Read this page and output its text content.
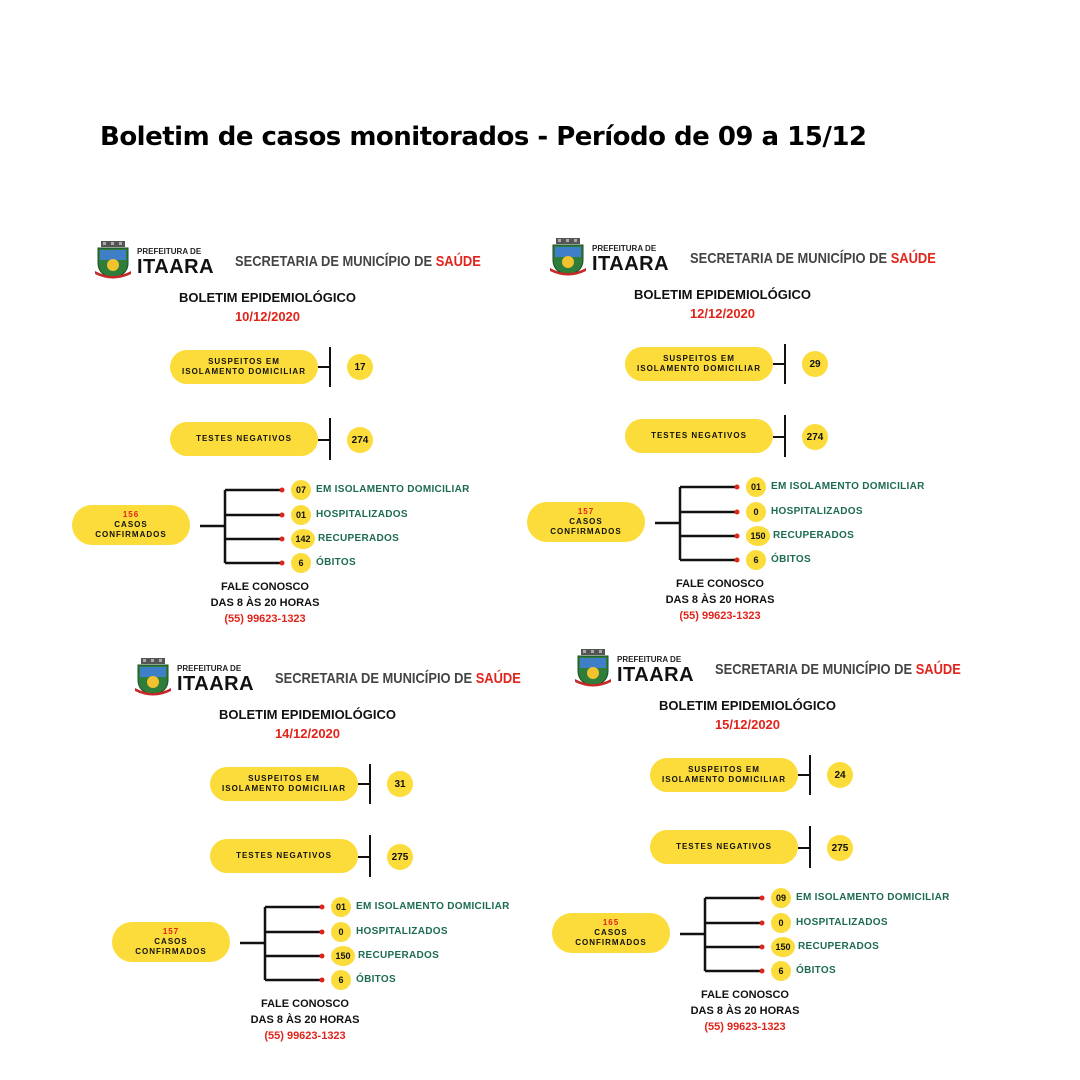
Boletim de casos monitorados - Período de 09 a 15/12
PREFEITURA DE
ITAARA SECRETARIA DE MUNICÍPIO DE SAÚDE
BOLETIM EPIDEMIOLÓGICO
10/12/2020
SUSPEITOS EM ISOLAMENTO DOMICILIAR	17
TESTES NEGATIVOS	274
156
CASOS CONFIRMADOS
07	EM ISOLAMENTO DOMICILIAR
01	HOSPITALIZADOS
142 RECUPERADOS
6	ÓBITOS
FALE CONOSCO
DAS 8 ÀS 20 HORAS
(55) 99623-1323
PREFEITURA DE
ITAARA SECRETARIA DE MUNICÍPIO DE SAÚDE
BOLETIM EPIDEMIOLÓGICO
12/12/2020
SUSPEITOS EM ISOLAMENTO DOMICILIAR	29
TESTES NEGATIVOS	274
157
CASOS CONFIRMADOS
01	EM ISOLAMENTO DOMICILIAR
0	HOSPITALIZADOS
150 RECUPERADOS
6	ÓBITOS
FALE CONOSCO
DAS 8 ÀS 20 HORAS
(55) 99623-1323
PREFEITURA DE
ITAARA SECRETARIA DE MUNICÍPIO DE SAÚDE
BOLETIM EPIDEMIOLÓGICO
14/12/2020
SUSPEITOS EM ISOLAMENTO DOMICILIAR	31
TESTES NEGATIVOS	275
157
CASOS CONFIRMADOS
01	EM ISOLAMENTO DOMICILIAR
0	HOSPITALIZADOS
150 RECUPERADOS
6	ÓBITOS
FALE CONOSCO
DAS 8 ÀS 20 HORAS
(55) 99623-1323
PREFEITURA DE
ITAARA SECRETARIA DE MUNICÍPIO DE SAÚDE
BOLETIM EPIDEMIOLÓGICO
15/12/2020
SUSPEITOS EM ISOLAMENTO DOMICILIAR	24
TESTES NEGATIVOS	275
165
CASOS CONFIRMADOS
09	EM ISOLAMENTO DOMICILIAR
0	HOSPITALIZADOS
150 RECUPERADOS
6	ÓBITOS
FALE CONOSCO
DAS 8 ÀS 20 HORAS
(55) 99623-1323
